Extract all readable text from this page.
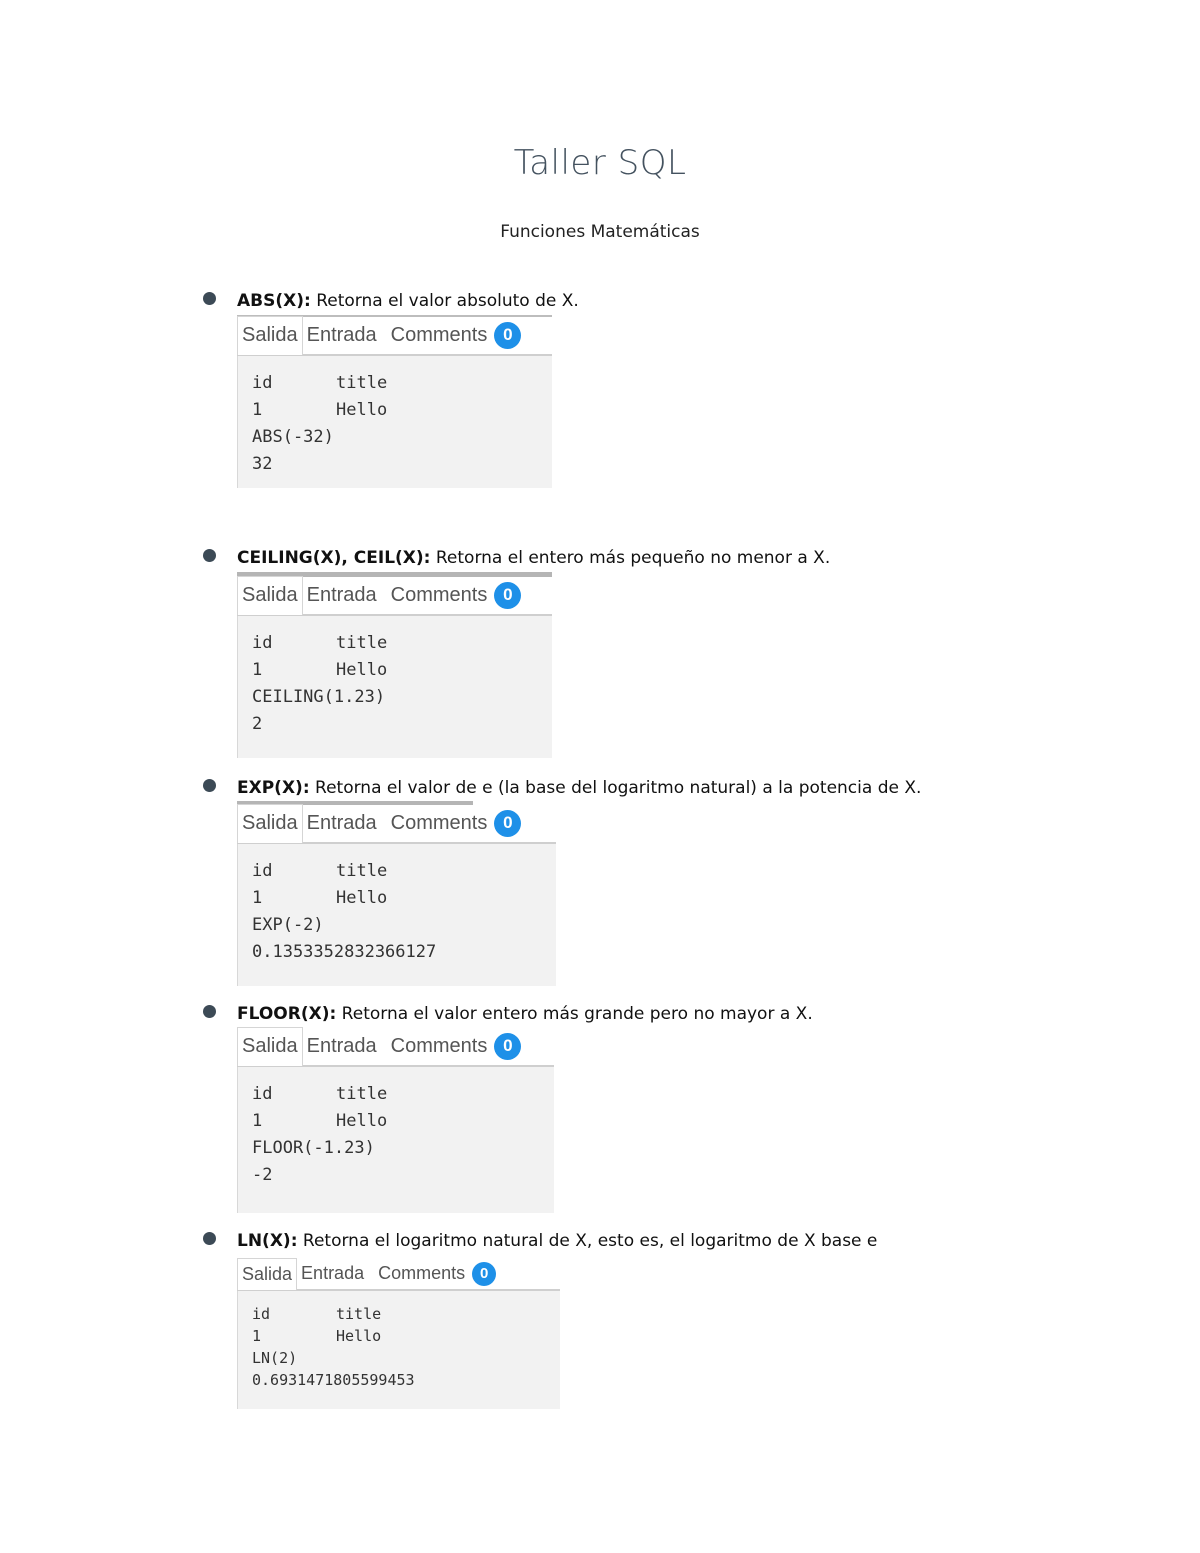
Taller SQL
Funciones Matemáticas
ABS(X): Retorna el valor absoluto de X.
Salida Entrada Comments 0
id	title
1	Hello
ABS(-32)
32
CEILING(X), CEIL(X): Retorna el entero más pequeño no menor a X.
Salida Entrada Comments 0
id	title
1	Hello
CEILING(1.23)
2
EXP(X): Retorna el valor de e (la base del logaritmo natural) a la potencia de X.
Salida Entrada Comments 0
id	title
1	Hello
EXP(-2)
0.1353352832366127
FLOOR(X): Retorna el valor entero más grande pero no mayor a X.
Salida Entrada Comments 0
id	title
1	Hello
FLOOR(-1.23)
-2
LN(X): Retorna el logaritmo natural de X, esto es, el logaritmo de X base e
Salida Entrada Comments 0
id	title
1	Hello
LN(2)
0.6931471805599453
